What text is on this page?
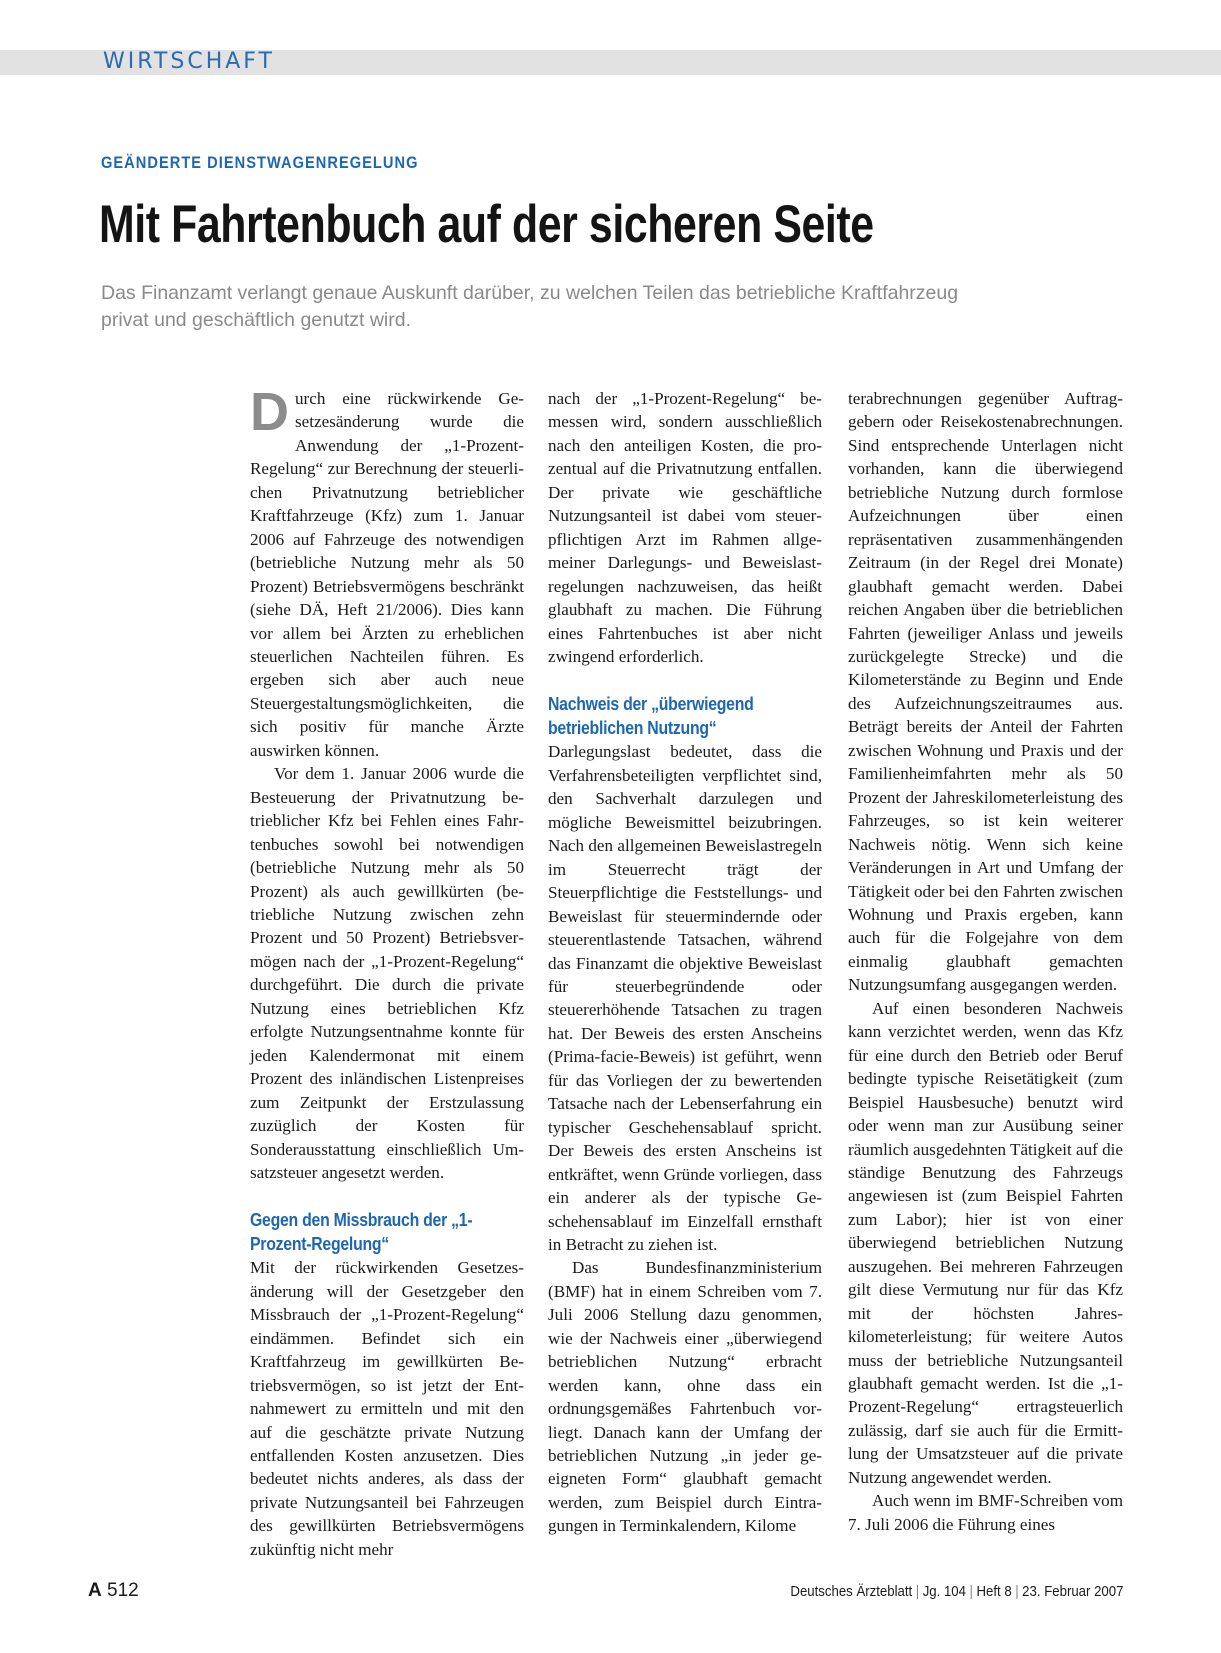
WIRTSCHAFT
GEÄNDERTE DIENSTWAGENREGELUNG
Mit Fahrtenbuch auf der sicheren Seite

Das Finanzamt verlangt genaue Auskunft darüber, zu welchen Teilen das betriebliche Kraftfahrzeug privat und geschäftlich genutzt wird.

Durch eine rückwirkende Gesetzesänderung wurde die Anwendung der „1-Prozent-Regelung“ zur Berechnung der steuerlichen Privatnutzung betrieblicher Kraftfahrzeuge (Kfz) zum 1. Januar 2006 auf Fahrzeuge des notwendigen (betriebliche Nutzung mehr als 50 Prozent) Betriebsvermögens beschränkt (siehe DÄ, Heft 21/2006). Dies kann vor allem bei Ärzten zu erheblichen steuerlichen Nachteilen führen. Es ergeben sich aber auch neue Steuergestaltungsmöglichkeiten, die sich positiv für manche Ärzte auswirken können.

Vor dem 1. Januar 2006 wurde die Besteuerung der Privatnutzung betrieblicher Kfz bei Fehlen eines Fahrtenbuches sowohl bei notwendigen (betriebliche Nutzung mehr als 50 Prozent) als auch gewillkürten (betriebliche Nutzung zwischen zehn Prozent und 50 Prozent) Betriebsvermögen nach der „1-Prozent-Regelung“ durchgeführt. Die durch die private Nutzung eines betrieblichen Kfz erfolgte Nutzungsentnahme konnte für jeden Kalendermonat mit einem Prozent des inländischen Listenpreises zum Zeitpunkt der Erstzulassung zuzüglich der Kosten für Sonderausstattung einschließlich Umsatzsteuer angesetzt werden.

Gegen den Missbrauch der „1-Prozent-Regelung“

Mit der rückwirkenden Gesetzesänderung will der Gesetzgeber den Missbrauch der „1-Prozent-Regelung“ eindämmen. Befindet sich ein Kraftfahrzeug im gewillkürten Betriebsvermögen, so ist jetzt der Entnahmewert zu ermitteln und mit den auf die geschätzte private Nutzung entfallenden Kosten anzusetzen. Dies bedeutet nichts anderes, als dass der private Nutzungsanteil bei Fahrzeugen des gewillkürten Betriebsvermögens zukünftig nicht mehr

nach der „1-Prozent-Regelung“ bemessen wird, sondern ausschließlich nach den anteiligen Kosten, die prozentual auf die Privatnutzung entfallen. Der private wie geschäftliche Nutzungsanteil ist dabei vom steuerpflichtigen Arzt im Rahmen allgemeiner Darlegungs- und Beweislastregelungen nachzuweisen, das heißt glaubhaft zu machen. Die Führung eines Fahrtenbuches ist aber nicht zwingend erforderlich.

Nachweis der „überwiegend betrieblichen Nutzung“

Darlegungslast bedeutet, dass die Verfahrensbeteiligten verpflichtet sind, den Sachverhalt darzulegen und mögliche Beweismittel beizubringen. Nach den allgemeinen Beweislastregeln im Steuerrecht trägt der Steuerpflichtige die Feststellungs- und Beweislast für steuermindernde oder steuerentlastende Tatsachen, während das Finanzamt die objektive Beweislast für steuerbegründende oder steuererhöhende Tatsachen zu tragen hat. Der Beweis des ersten Anscheins (Prima-facie-Beweis) ist geführt, wenn für das Vorliegen der zu bewertenden Tatsache nach der Lebenserfahrung ein typischer Geschehensablauf spricht. Der Beweis des ersten Anscheins ist entkräftet, wenn Gründe vorliegen, dass ein anderer als der typische Geschehensablauf im Einzelfall ernsthaft in Betracht zu ziehen ist.

Das Bundesfinanzministerium (BMF) hat in einem Schreiben vom 7. Juli 2006 Stellung dazu genommen, wie der Nachweis einer „überwiegend betrieblichen Nutzung“ erbracht werden kann, ohne dass ein ordnungsgemäßes Fahrtenbuch vorliegt. Danach kann der Umfang der betrieblichen Nutzung „in jeder geeigneten Form“ glaubhaft gemacht werden, zum Beispiel durch Eintragungen in Terminkalendern, Kilome

terabrechnungen gegenüber Auftraggebern oder Reisekostenabrechnungen. Sind entsprechende Unterlagen nicht vorhanden, kann die überwiegend betriebliche Nutzung durch formlose Aufzeichnungen über einen repräsentativen zusammenhängenden Zeitraum (in der Regel drei Monate) glaubhaft gemacht werden. Dabei reichen Angaben über die betrieblichen Fahrten (jeweiliger Anlass und jeweils zurückgelegte Strecke) und die Kilometerstände zu Beginn und Ende des Aufzeichnungszeitraumes aus. Beträgt bereits der Anteil der Fahrten zwischen Wohnung und Praxis und der Familienheimfahrten mehr als 50 Prozent der Jahreskilometerleistung des Fahrzeuges, so ist kein weiterer Nachweis nötig. Wenn sich keine Veränderungen in Art und Umfang der Tätigkeit oder bei den Fahrten zwischen Wohnung und Praxis ergeben, kann auch für die Folgejahre von dem einmalig glaubhaft gemachten Nutzungsumfang ausgegangen werden.

Auf einen besonderen Nachweis kann verzichtet werden, wenn das Kfz für eine durch den Betrieb oder Beruf bedingte typische Reisetätigkeit (zum Beispiel Hausbesuche) benutzt wird oder wenn man zur Ausübung seiner räumlich ausgedehnten Tätigkeit auf die ständige Benutzung des Fahrzeugs angewiesen ist (zum Beispiel Fahrten zum Labor); hier ist von einer überwiegend betrieblichen Nutzung auszugehen. Bei mehreren Fahrzeugen gilt diese Vermutung nur für das Kfz mit der höchsten Jahreskilometerleistung; für weitere Autos muss der betriebliche Nutzungsanteil glaubhaft gemacht werden. Ist die „1-Prozent-Regelung“ ertragsteuerlich zulässig, darf sie auch für die Ermittlung der Umsatzsteuer auf die private Nutzung angewendet werden.

Auch wenn im BMF-Schreiben vom 7. Juli 2006 die Führung eines

A 512	Deutsches Ärzteblatt | Jg. 104 | Heft 8 | 23. Februar 2007
